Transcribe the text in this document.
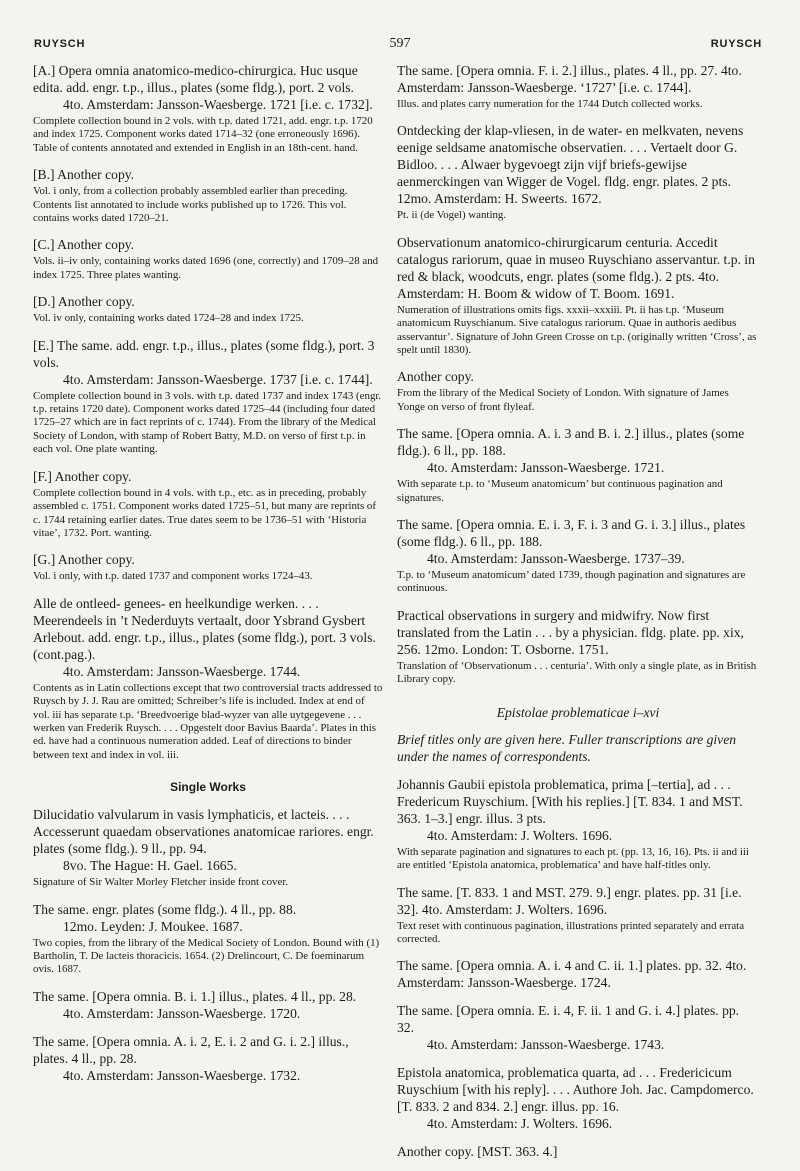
RUYSCH	597	RUYSCH

[A.] Opera omnia anatomico-medico-chirurgica. Huc usque edita. add. engr. t.p., illus., plates (some fldg.), port. 2 vols.

4to. Amsterdam: Jansson-Waesberge. 1721 [i.e. c. 1732].

Complete collection bound in 2 vols. with t.p. dated 1721, add. engr. t.p. 1720 and index 1725. Component works dated 1714–32 (one erroneously 1696). Table of contents annotated and extended in English in an 18th-cent. hand.

[B.] Another copy.

Vol. i only, from a collection probably assembled earlier than preceding. Contents list annotated to include works published up to 1726. This vol. contains works dated 1720–21.

[C.] Another copy.

Vols. ii–iv only, containing works dated 1696 (one, correctly) and 1709–28 and index 1725. Three plates wanting.

[D.] Another copy.

Vol. iv only, containing works dated 1724–28 and index 1725.

[E.] The same. add. engr. t.p., illus., plates (some fldg.), port. 3 vols.

4to. Amsterdam: Jansson-Waesberge. 1737 [i.e. c. 1744].

Complete collection bound in 3 vols. with t.p. dated 1737 and index 1743 (engr. t.p. retains 1720 date). Component works dated 1725–44 (including four dated 1725–27 which are in fact reprints of c. 1744). From the library of the Medical Society of London, with stamp of Robert Batty, M.D. on verso of first t.p. in each vol. One plate wanting.

[F.] Another copy.

Complete collection bound in 4 vols. with t.p., etc. as in preceding, probably assembled c. 1751. Component works dated 1725–51, but many are reprints of c. 1744 retaining earlier dates. True dates seem to be 1736–51 with ‘Historia vitae’, 1732. Port. wanting.

[G.] Another copy.

Vol. i only, with t.p. dated 1737 and component works 1724–43.

Alle de ontleed- genees- en heelkundige werken. . . . Meerendeels in ’t Nederduyts vertaalt, door Ysbrand Gysbert Arlebout. add. engr. t.p., illus., plates (some fldg.), port. 3 vols. (cont.pag.).

4to. Amsterdam: Jansson-Waesberge. 1744.

Contents as in Latin collections except that two controversial tracts addressed to Ruysch by J. J. Rau are omitted; Schreiber’s life is included. Index at end of vol. iii has separate t.p. ‘Breedvoerige blad-wyzer van alle uytgegevene . . . werken van Frederik Ruysch. . . . Opgestelt door Bavius Baarda’. Plates in this ed. have had a continuous numeration added. Leaf of directions to binder between text and index in vol. iii.

Single Works

Dilucidatio valvularum in vasis lymphaticis, et lacteis. . . . Accesserunt quaedam observationes anatomicae rariores. engr. plates (some fldg.). 9 ll., pp. 94.

8vo. The Hague: H. Gael. 1665.

Signature of Sir Walter Morley Fletcher inside front cover.

The same. engr. plates (some fldg.). 4 ll., pp. 88.

12mo. Leyden: J. Moukee. 1687.

Two copies, from the library of the Medical Society of London. Bound with (1) Bartholin, T. De lacteis thoracicis. 1654. (2) Drelincourt, C. De foeminarum ovis. 1687.

The same. [Opera omnia. B. i. 1.] illus., plates. 4 ll., pp. 28.

4to. Amsterdam: Jansson-Waesberge. 1720.

The same. [Opera omnia. A. i. 2, E. i. 2 and G. i. 2.] illus., plates. 4 ll., pp. 28.

4to. Amsterdam: Jansson-Waesberge. 1732.

The same. [Opera omnia. F. i. 2.] illus., plates. 4 ll., pp. 27. 4to. Amsterdam: Jansson-Waesberge. ‘1727’ [i.e. c. 1744].

Illus. and plates carry numeration for the 1744 Dutch collected works.

Ontdecking der klap-vliesen, in de water- en melkvaten, nevens eenige seldsame anatomische observatien. . . . Vertaelt door G. Bidloo. . . . Alwaer bygevoegt zijn vijf briefs-gewijse aenmerckingen van Wigger de Vogel. fldg. engr. plates. 2 pts. 12mo. Amsterdam: H. Sweerts. 1672.

Pt. ii (de Vogel) wanting.

Observationum anatomico-chirurgicarum centuria. Accedit catalogus rariorum, quae in museo Ruyschiano asservantur. t.p. in red & black, woodcuts, engr. plates (some fldg.). 2 pts. 4to. Amsterdam: H. Boom & widow of T. Boom. 1691.

Numeration of illustrations omits figs. xxxii–xxxiii. Pt. ii has t.p. ‘Museum anatomicum Ruyschianum. Sive catalogus rariorum. Quae in authoris aedibus asservantur’. Signature of John Green Crosse on t.p. (originally written ‘Cross’, as spelt until 1830).

Another copy.

From the library of the Medical Society of London. With signature of James Yonge on verso of front flyleaf.

The same. [Opera omnia. A. i. 3 and B. i. 2.] illus., plates (some fldg.). 6 ll., pp. 188.

4to. Amsterdam: Jansson-Waesberge. 1721.

With separate t.p. to ‘Museum anatomicum’ but continuous pagination and signatures.

The same. [Opera omnia. E. i. 3, F. i. 3 and G. i. 3.] illus., plates (some fldg.). 6 ll., pp. 188.

4to. Amsterdam: Jansson-Waesberge. 1737–39.

T.p. to ‘Museum anatomicum’ dated 1739, though pagination and signatures are continuous.

Practical observations in surgery and midwifry. Now first translated from the Latin . . . by a physician. fldg. plate. pp. xix, 256. 12mo. London: T. Osborne. 1751.

Translation of ‘Observationum . . . centuria’. With only a single plate, as in British Library copy.

Epistolae problematicae i–xvi

Brief titles only are given here. Fuller transcriptions are given under the names of correspondents.

Johannis Gaubii epistola problematica, prima [–tertia], ad . . . Fredericum Ruyschium. [With his replies.] [T. 834. 1 and MST. 363. 1–3.] engr. illus. 3 pts.

4to. Amsterdam: J. Wolters. 1696.

With separate pagination and signatures to each pt. (pp. 13, 16, 16). Pts. ii and iii are entitled ‘Epistola anatomica, problematica’ and have half-titles only.

The same. [T. 833. 1 and MST. 279. 9.] engr. plates. pp. 31 [i.e. 32]. 4to. Amsterdam: J. Wolters. 1696.

Text reset with continuous pagination, illustrations printed separately and errata corrected.

The same. [Opera omnia. A. i. 4 and C. ii. 1.] plates. pp. 32. 4to. Amsterdam: Jansson-Waesberge. 1724.

The same. [Opera omnia. E. i. 4, F. ii. 1 and G. i. 4.] plates. pp. 32.

4to. Amsterdam: Jansson-Waesberge. 1743.

Epistola anatomica, problematica quarta, ad . . . Fredericicum Ruyschium [with his reply]. . . . Authore Joh. Jac. Campdomerco. [T. 833. 2 and 834. 2.] engr. illus. pp. 16.

4to. Amsterdam: J. Wolters. 1696.

Another copy. [MST. 363. 4.]
